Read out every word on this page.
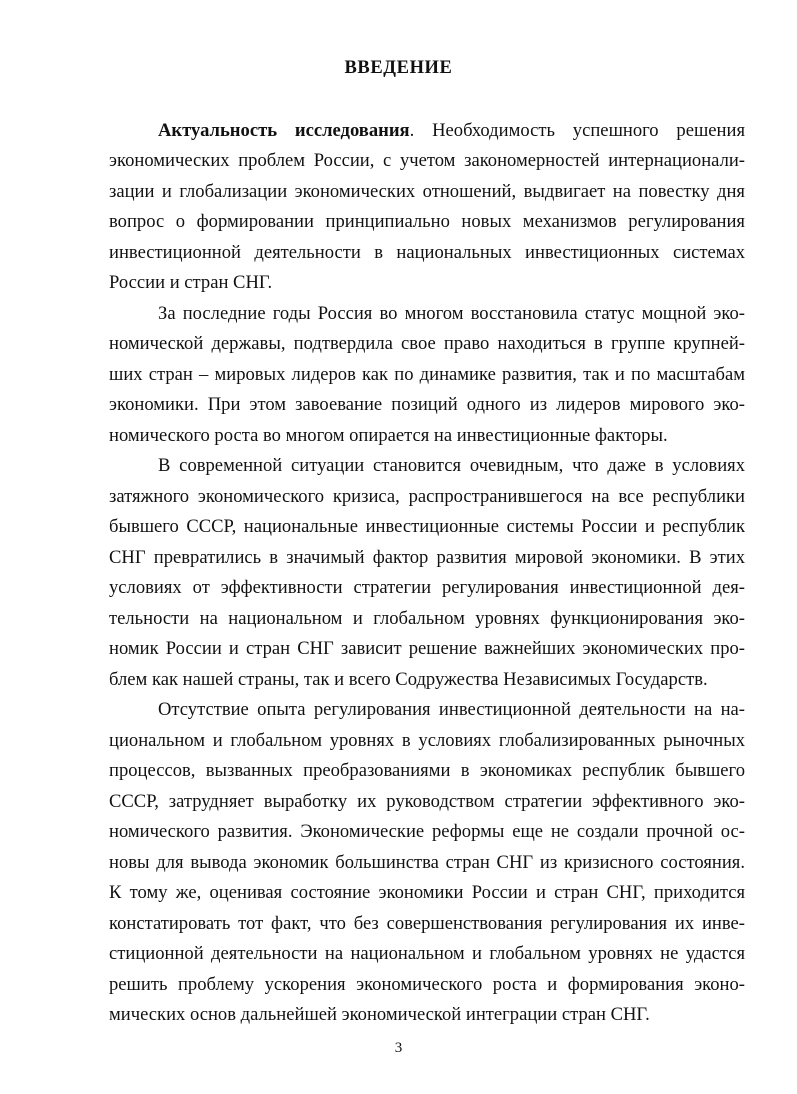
ВВЕДЕНИЕ
Актуальность исследования. Необходимость успешного решения
экономических проблем России, с учетом закономерностей интернационали-
зации и глобализации экономических отношений, выдвигает на повестку дня
вопрос о формировании принципиально новых механизмов регулирования
инвестиционной деятельности в национальных инвестиционных системах
России и стран СНГ.
За последние годы Россия во многом восстановила статус мощной эко-
номической державы, подтвердила свое право находиться в группе крупней-
ших стран – мировых лидеров как по динамике развития, так и по масштабам
экономики. При этом завоевание позиций одного из лидеров мирового эко-
номического роста во многом опирается на инвестиционные факторы.
В современной ситуации становится очевидным, что даже в условиях
затяжного экономического кризиса, распространившегося на все республики
бывшего СССР, национальные инвестиционные системы России и республик
СНГ превратились в значимый фактор развития мировой экономики. В этих
условиях от эффективности стратегии регулирования инвестиционной дея-
тельности на национальном и глобальном уровнях функционирования эко-
номик России и стран СНГ зависит решение важнейших экономических про-
блем как нашей страны, так и всего Содружества Независимых Государств.
Отсутствие опыта регулирования инвестиционной деятельности на на-
циональном и глобальном уровнях в условиях глобализированных рыночных
процессов, вызванных преобразованиями в экономиках республик бывшего
СССР, затрудняет выработку их руководством стратегии эффективного эко-
номического развития. Экономические реформы еще не создали прочной ос-
новы для вывода экономик большинства стран СНГ из кризисного состояния.
К тому же, оценивая состояние экономики России и стран СНГ, приходится
констатировать тот факт, что без совершенствования регулирования их инве-
стиционной деятельности на национальном и глобальном уровнях не удастся
решить проблему ускорения экономического роста и формирования эконо-
мических основ дальнейшей экономической интеграции стран СНГ.
3
